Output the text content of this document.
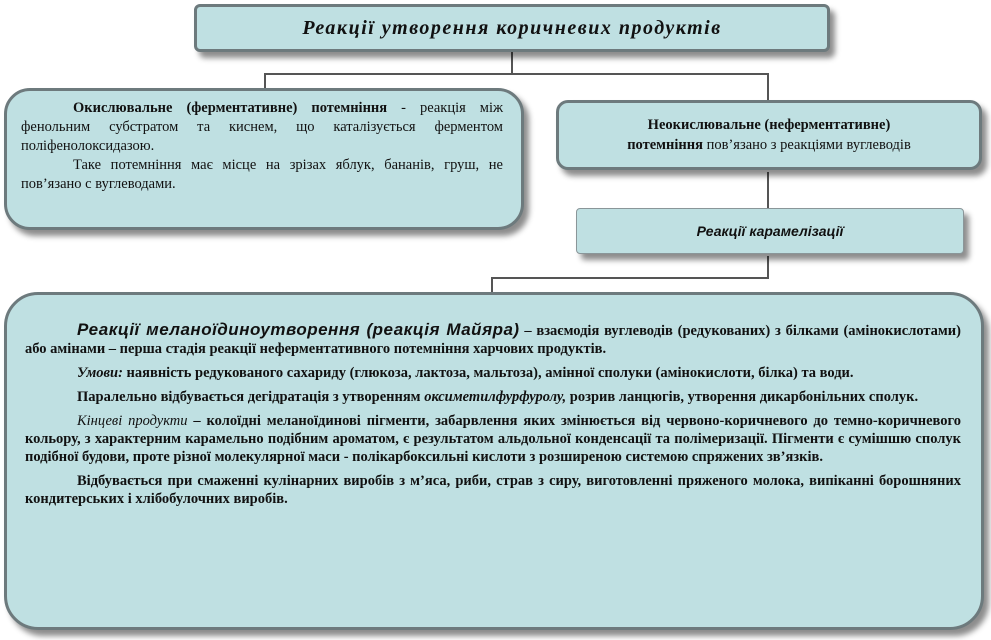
Реакції утворення коричневих продуктів

Окислювальне (ферментативне) потемніння - реакція між фенольним субстратом та киснем, що каталізується ферментом поліфенолоксидазою.

Таке потемніння має місце на зрізах яблук, бананів, груш, не пов’язано с вуглеводами.

Неокислювальне (неферментативне)
потемніння пов’язано з реакціями вуглеводів
Реакції карамелізації

Реакції меланоїдиноутворення (реакція Майяра) – взаємодія вуглеводів (редукованих) з білками (амінокислотами) або амінами – перша стадія реакції неферментативного потемніння харчових продуктів.

Умови: наявність редукованого сахариду (глюкоза, лактоза, мальтоза), амінної сполуки (амінокислоти, білка) та води.

Паралельно відбувається дегідратація з утворенням оксиметилфурфуролу, розрив ланцюгів, утворення дикарбонільних сполук.

Кінцеві продукти – колоїдні меланоїдинові пігменти, забарвлення яких змінюється від червоно-коричневого до темно-коричневого кольору, з характерним карамельно подібним ароматом, є результатом альдольної конденсації та полімеризації. Пігменти є сумішшю сполук подібної будови, проте різної молекулярної маси - полікарбоксильні кислоти з розширеною системою спряжених зв’язків.

Відбувається при смаженні кулінарних виробів з м’яса, риби, страв з сиру, виготовленні пряженого молока, випіканні борошняних кондитерських і хлібобулочних виробів.
